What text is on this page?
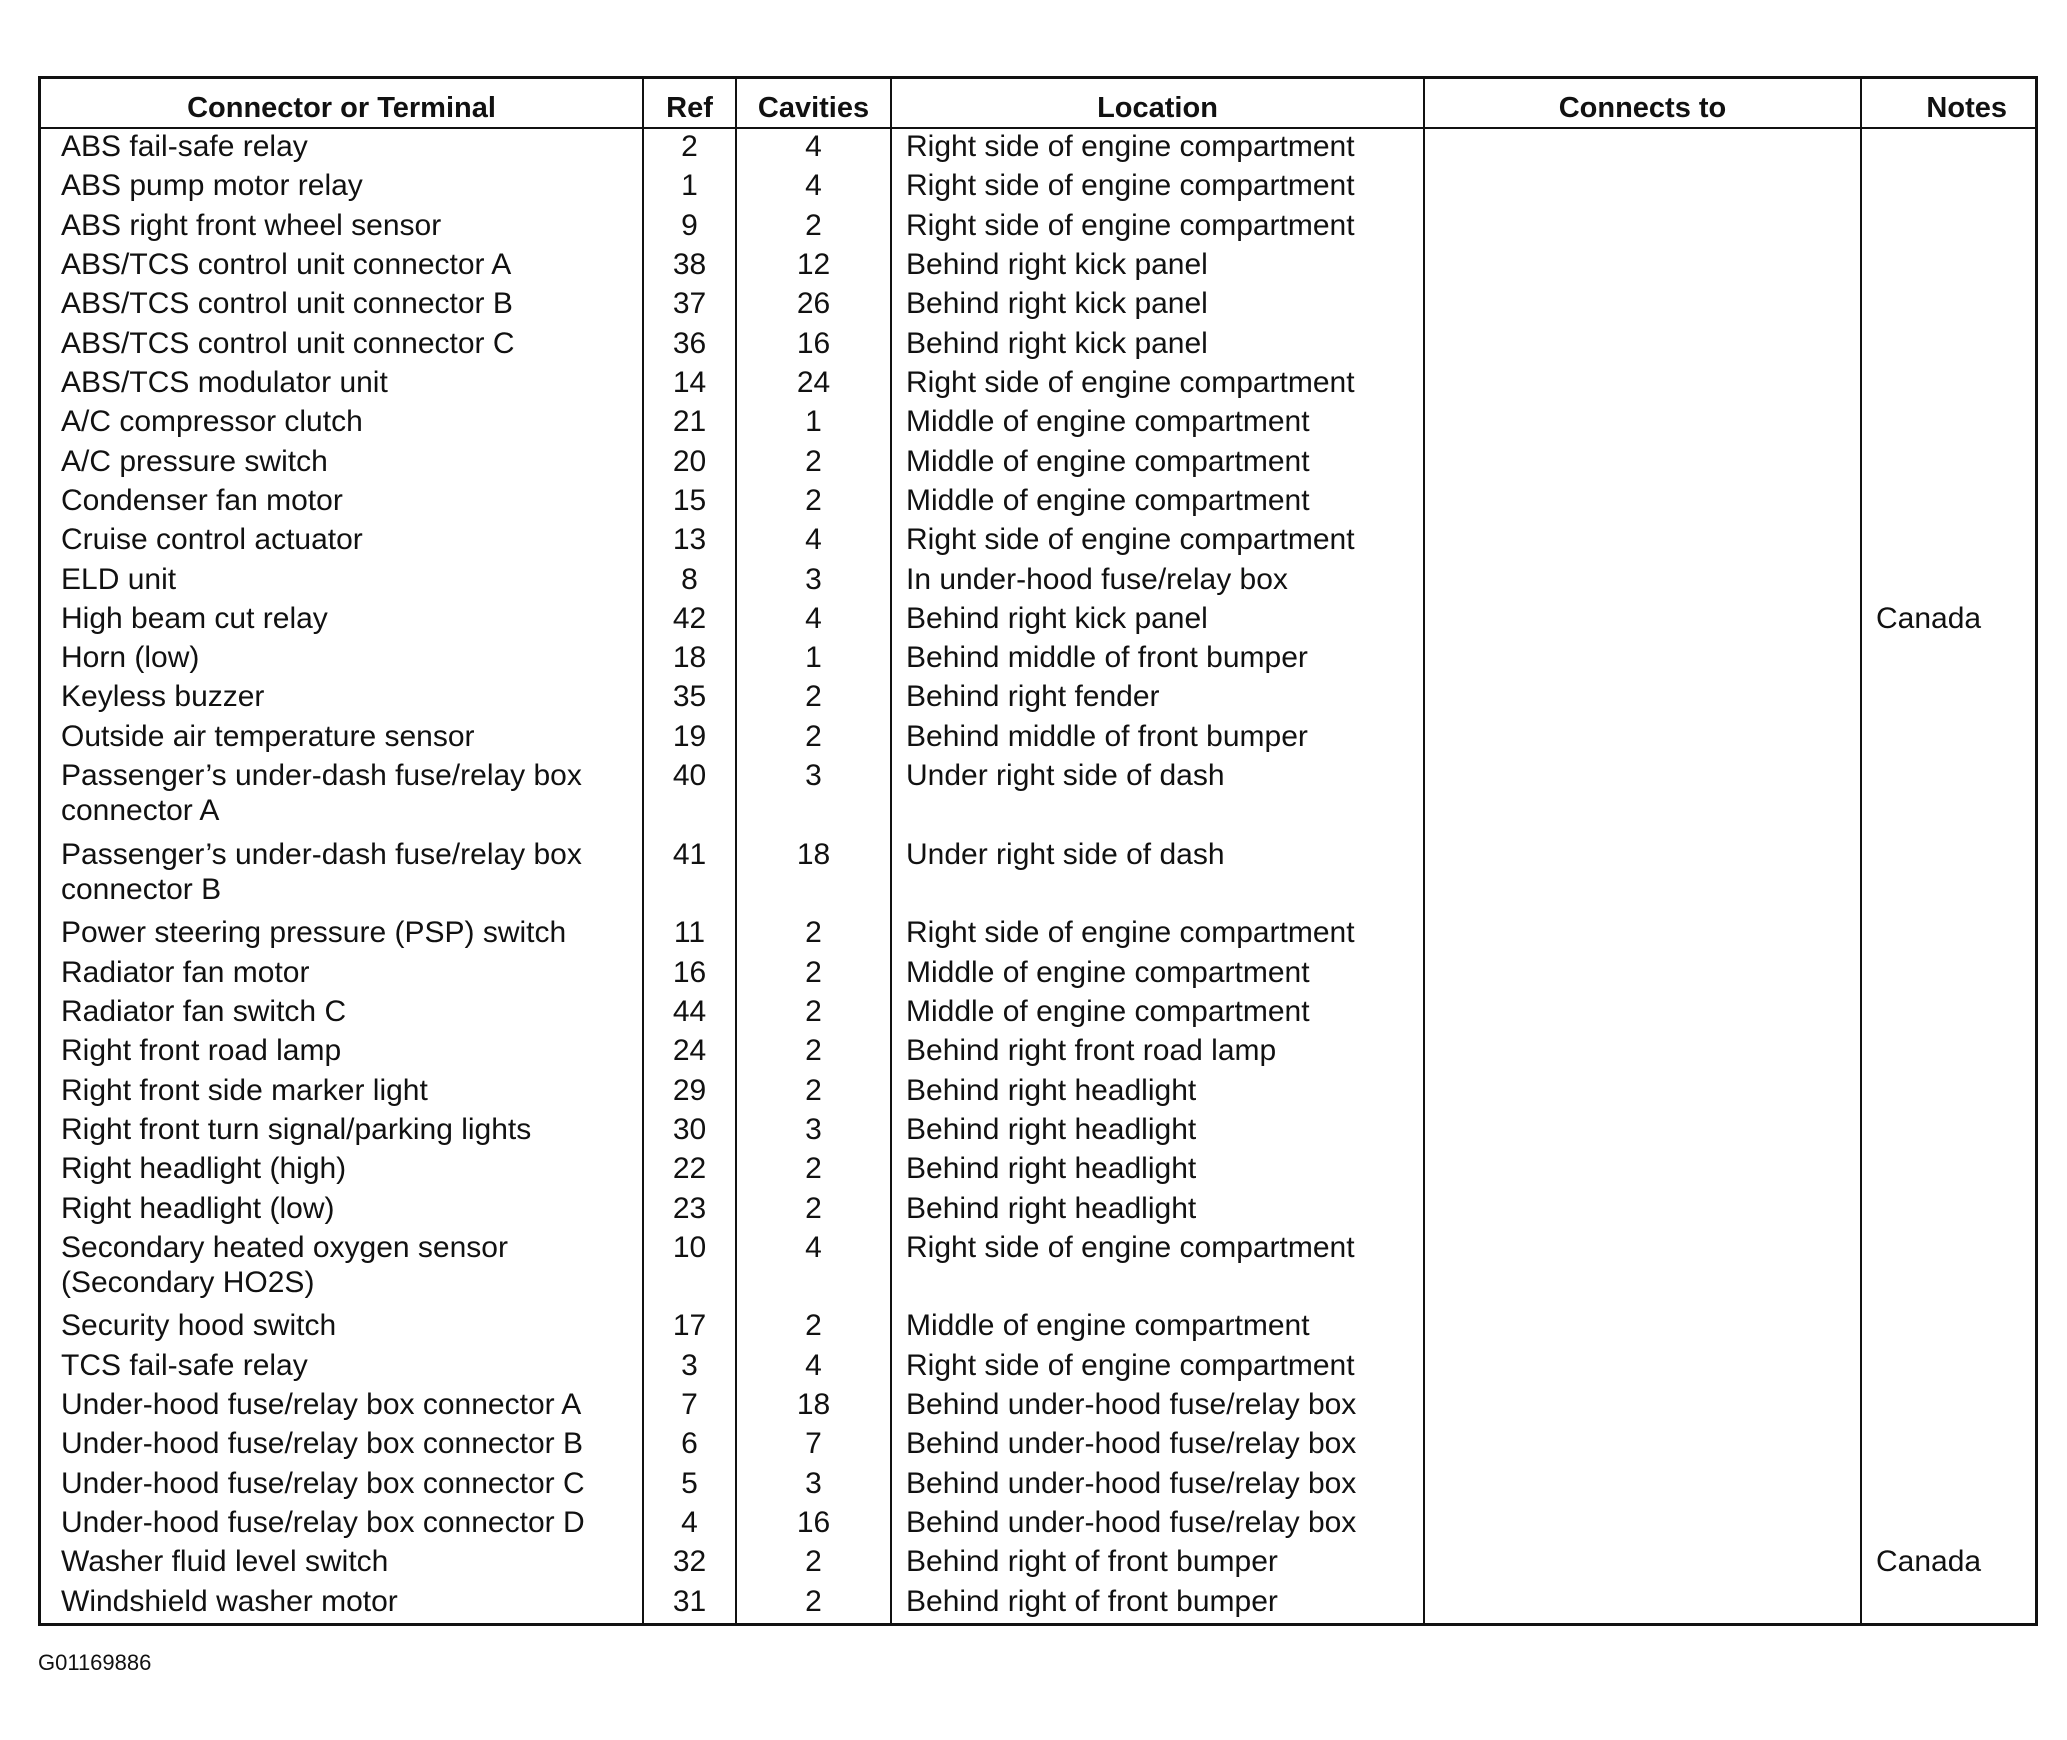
Connector or Terminal	Ref	Cavities	Location	Connects to	Notes
ABS fail-safe relay	2	4	Right side of engine compartment		
ABS pump motor relay	1	4	Right side of engine compartment		
ABS right front wheel sensor	9	2	Right side of engine compartment		
ABS/TCS control unit connector A	38	12	Behind right kick panel		
ABS/TCS control unit connector B	37	26	Behind right kick panel		
ABS/TCS control unit connector C	36	16	Behind right kick panel		
ABS/TCS modulator unit	14	24	Right side of engine compartment		
A/C compressor clutch	21	1	Middle of engine compartment		
A/C pressure switch	20	2	Middle of engine compartment		
Condenser fan motor	15	2	Middle of engine compartment		
Cruise control actuator	13	4	Right side of engine compartment		
ELD unit	8	3	In under-hood fuse/relay box		
High beam cut relay	42	4	Behind right kick panel		Canada
Horn (low)	18	1	Behind middle of front bumper		
Keyless buzzer	35	2	Behind right fender		
Outside air temperature sensor	19	2	Behind middle of front bumper		
Passenger’s under-dash fuse/relay box connector A	40	3	Under right side of dash		
Passenger’s under-dash fuse/relay box connector B	41	18	Under right side of dash		
Power steering pressure (PSP) switch	11	2	Right side of engine compartment		
Radiator fan motor	16	2	Middle of engine compartment		
Radiator fan switch C	44	2	Middle of engine compartment		
Right front road lamp	24	2	Behind right front road lamp		
Right front side marker light	29	2	Behind right headlight		
Right front turn signal/parking lights	30	3	Behind right headlight		
Right headlight (high)	22	2	Behind right headlight		
Right headlight (low)	23	2	Behind right headlight		
Secondary heated oxygen sensor (Secondary HO2S)	10	4	Right side of engine compartment		
Security hood switch	17	2	Middle of engine compartment		
TCS fail-safe relay	3	4	Right side of engine compartment		
Under-hood fuse/relay box connector A	7	18	Behind under-hood fuse/relay box		
Under-hood fuse/relay box connector B	6	7	Behind under-hood fuse/relay box		
Under-hood fuse/relay box connector C	5	3	Behind under-hood fuse/relay box		
Under-hood fuse/relay box connector D	4	16	Behind under-hood fuse/relay box		
Washer fluid level switch	32	2	Behind right of front bumper		Canada
Windshield washer motor	31	2	Behind right of front bumper		

G01169886
